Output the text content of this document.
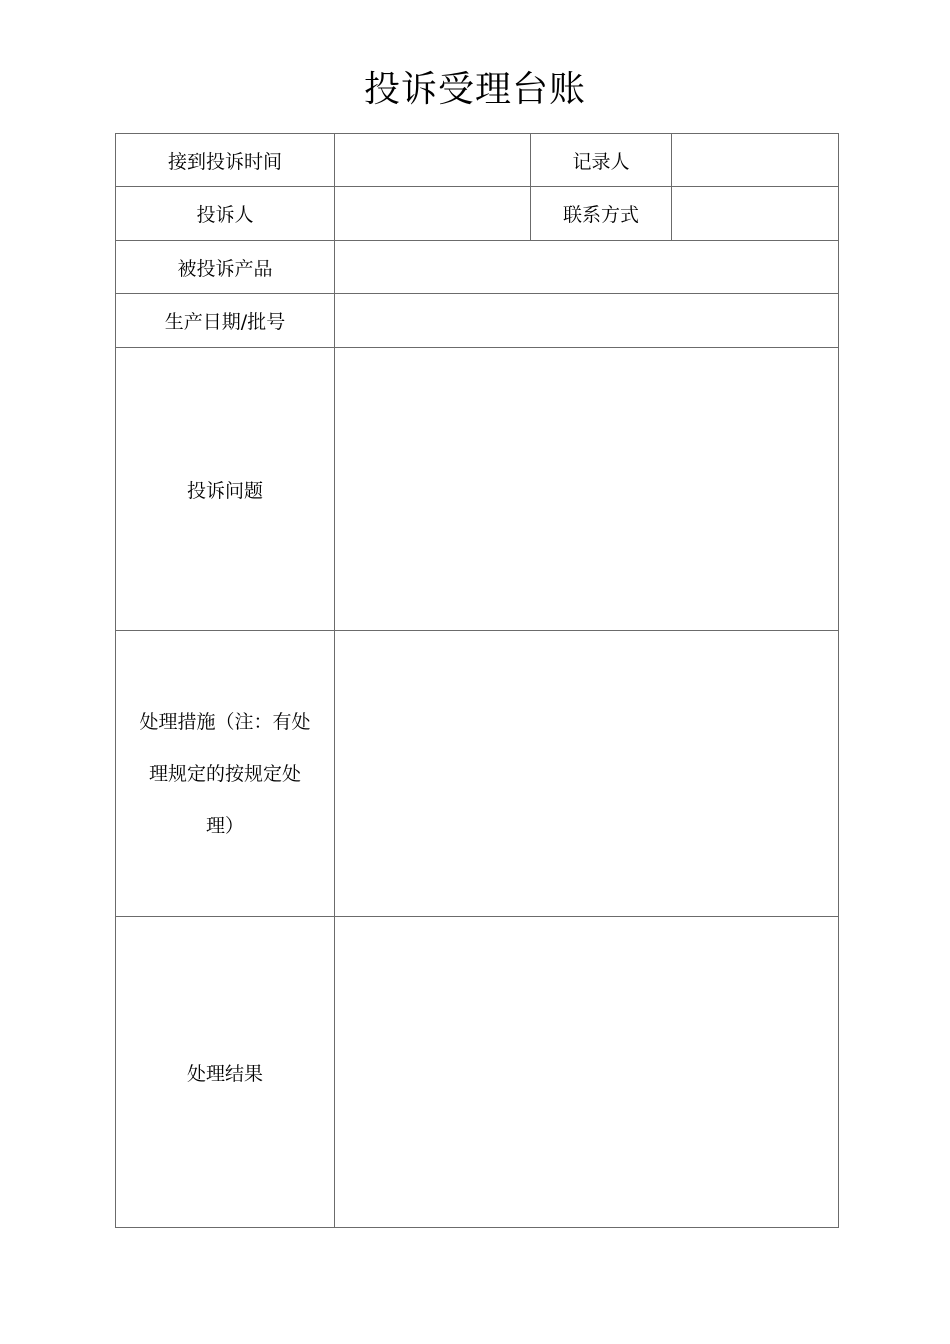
投诉受理台账
接到投诉时间		记录人	
投诉人		联系方式	
被投诉产品			
生产日期/批号			
投诉问题			
处理措施（注：有处理规定的按规定处理）			
处理结果			
